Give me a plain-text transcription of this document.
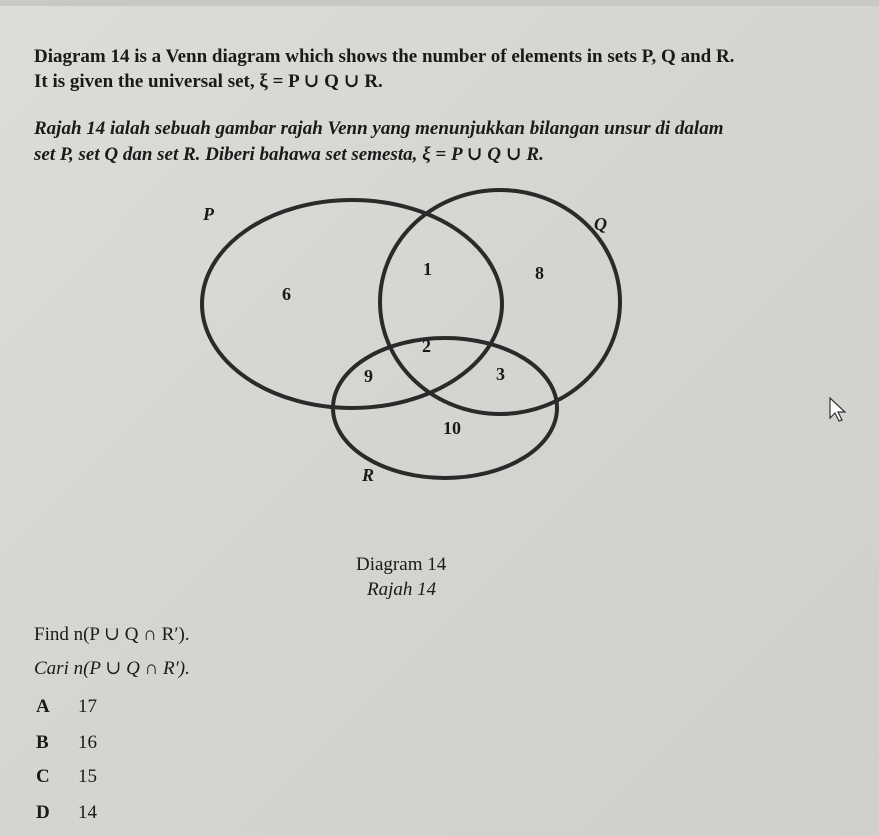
Diagram 14 is a Venn diagram which shows the number of elements in sets P, Q and R.
It is given the universal set, ξ = P ∪ Q ∪ R.
Rajah 14 ialah sebuah gambar rajah Venn yang menunjukkan bilangan unsur di dalam
set P, set Q dan set R. Diberi bahawa set semesta, ξ = P ∪ Q ∪ R.
P	Q
R
6
1	8
2
9	3
10
Diagram 14
Rajah 14
Find n(P ∪ Q ∩ R′).
Cari n(P ∪ Q ∩ R′).
A 17
B 16
C 15
D 14
